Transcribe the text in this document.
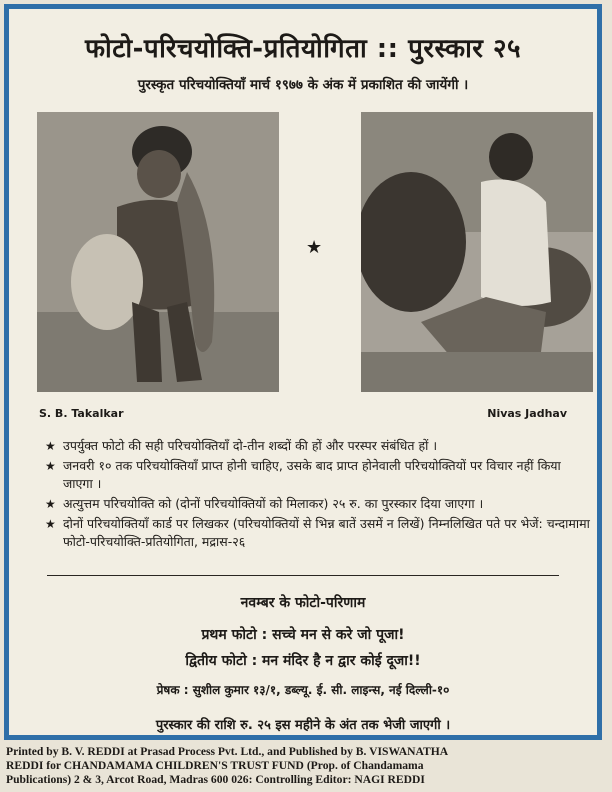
फोटो-परिचयोक्ति-प्रतियोगिता :: पुरस्कार २५
पुरस्कृत परिचयोक्तियाँ मार्च १९७७ के अंक में प्रकाशित की जायेंगी ।
★
S. B. Takalkar	Nivas Jadhav
★ उपर्युक्त फोटो की सही परिचयोक्तियाँ दो-तीन शब्दों की हों और परस्पर संबंधित हों ।
★ जनवरी १० तक परिचयोक्तियाँ प्राप्त होनी चाहिए, उसके बाद प्राप्त होनेवाली परिचयोक्तियों पर विचार नहीं किया जाएगा ।
★ अत्युत्तम परिचयोक्ति को (दोनों परिचयोक्तियों को मिलाकर) २५ रु. का पुरस्कार दिया जाएगा ।
★ दोनों परिचयोक्तियाँ कार्ड पर लिखकर (परिचयोक्तियों से भिन्न बातें उसमें न लिखें) निम्नलिखित पते पर भेजें: चन्दामामा फोटो-परिचयोक्ति-प्रतियोगिता, मद्रास-२६
नवम्बर के फोटो-परिणाम
प्रथम फोटो : सच्चे मन से करे जो पूजा!
द्वितीय फोटो : मन मंदिर है न द्वार कोई दूजा!!
प्रेषक : सुशील कुमार १३/१, डब्ल्यू. ई. सी. लाइन्स, नई दिल्ली-१०
पुरस्कार की राशि रु. २५ इस महीने के अंत तक भेजी जाएगी ।
Printed by B. V. REDDI at Prasad Process Pvt. Ltd., and Published by B. VISWANATHA
REDDI for CHANDAMAMA CHILDREN'S TRUST FUND (Prop. of Chandamama
Publications) 2 & 3, Arcot Road, Madras 600 026: Controlling Editor: NAGI REDDI
